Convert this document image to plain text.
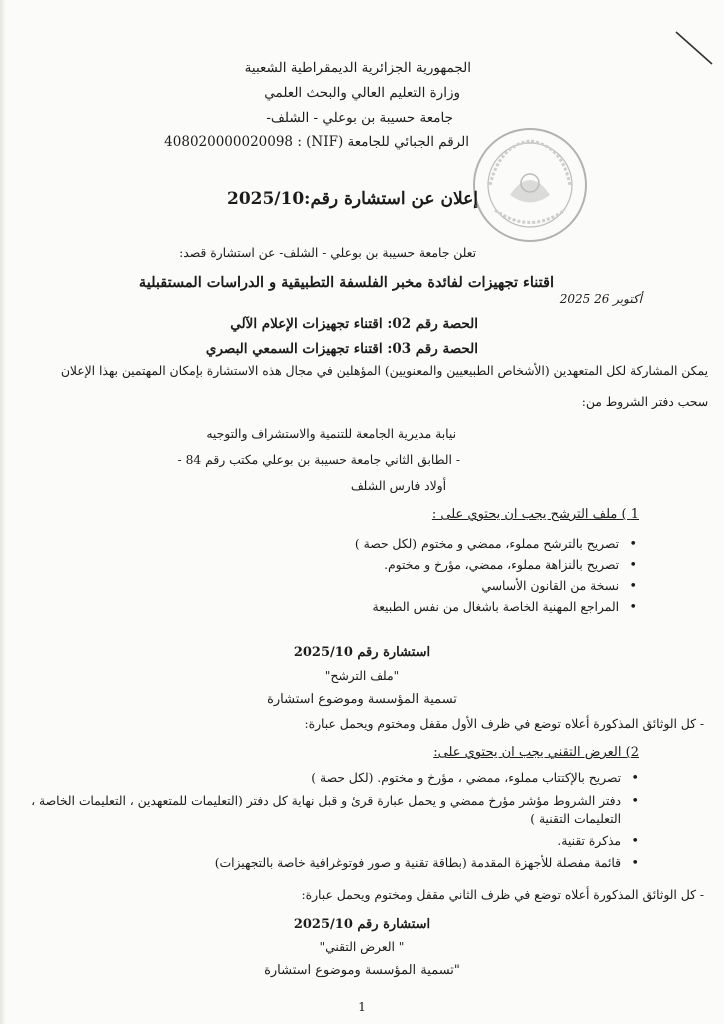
الجمهورية الجزائرية الديمقراطية الشعبية
وزارة التعليم العالي والبحث العلمي
جامعة حسيبة بن بوعلي - الشلف-
الرقم الجبائي للجامعة (NIF) : 408020000020098
إعلان عن استشارة رقم:2025/10
تعلن جامعة حسيبة بن بوعلي - الشلف- عن استشارة قصد:
اقتناء تجهيزات لفائدة مخبر الفلسفة التطبيقية و الدراسات المستقبلية
2025 أكتوبر 26
الحصة رقم 02: اقتناء تجهيزات الإعلام الآلي
الحصة رقم 03: اقتناء تجهيزات السمعي البصري
يمكن المشاركة لكل المتعهدين (الأشخاص الطبيعيين والمعنويين) المؤهلين في مجال هذه الاستشارة بإمكان المهتمين بهذا الإعلان
سحب دفتر الشروط من:
نيابة مديرية الجامعة للتنمية والاستشراف والتوجيه
- الطابق الثاني جامعة حسيبة بن بوعلي مكتب رقم 84 -
أولاد فارس الشلف
1 ) ملف الترشح يجب ان يحتوي على :
• تصريح بالترشح مملوء، ممضي و مختوم (لكل حصة )
• تصريح بالنزاهة مملوء، ممضي، مؤرخ و مختوم.
• نسخة من القانون الأساسي
• المراجع المهنية الخاصة باشغال من نفس الطبيعة
استشارة رقم 2025/10
"ملف الترشح"
تسمية المؤسسة وموضوع استشارة
- كل الوثائق المذكورة أعلاه توضع في ظرف الأول مقفل ومختوم ويحمل عبارة:
2) العرض التقني يجب ان يحتوي على:
• تصريح بالإكتتاب مملوء، ممضي ، مؤرخ و مختوم. (لكل حصة )
• دفتر الشروط مؤشر مؤرخ ممضي و يحمل عبارة قرئ و قبل نهاية كل دفتر (التعليمات للمتعهدين ، التعليمات الخاصة ،
التعليمات التقنية )
• مذكرة تقنية.
• قائمة مفصلة للأجهزة المقدمة (بطاقة تقنية و صور فوتوغرافية خاصة بالتجهيزات)
- كل الوثائق المذكورة أعلاه توضع في ظرف الثاني مقفل ومختوم ويحمل عبارة:
استشارة رقم 2025/10
" العرض التقني"
"تسمية المؤسسة وموضوع استشارة
1
